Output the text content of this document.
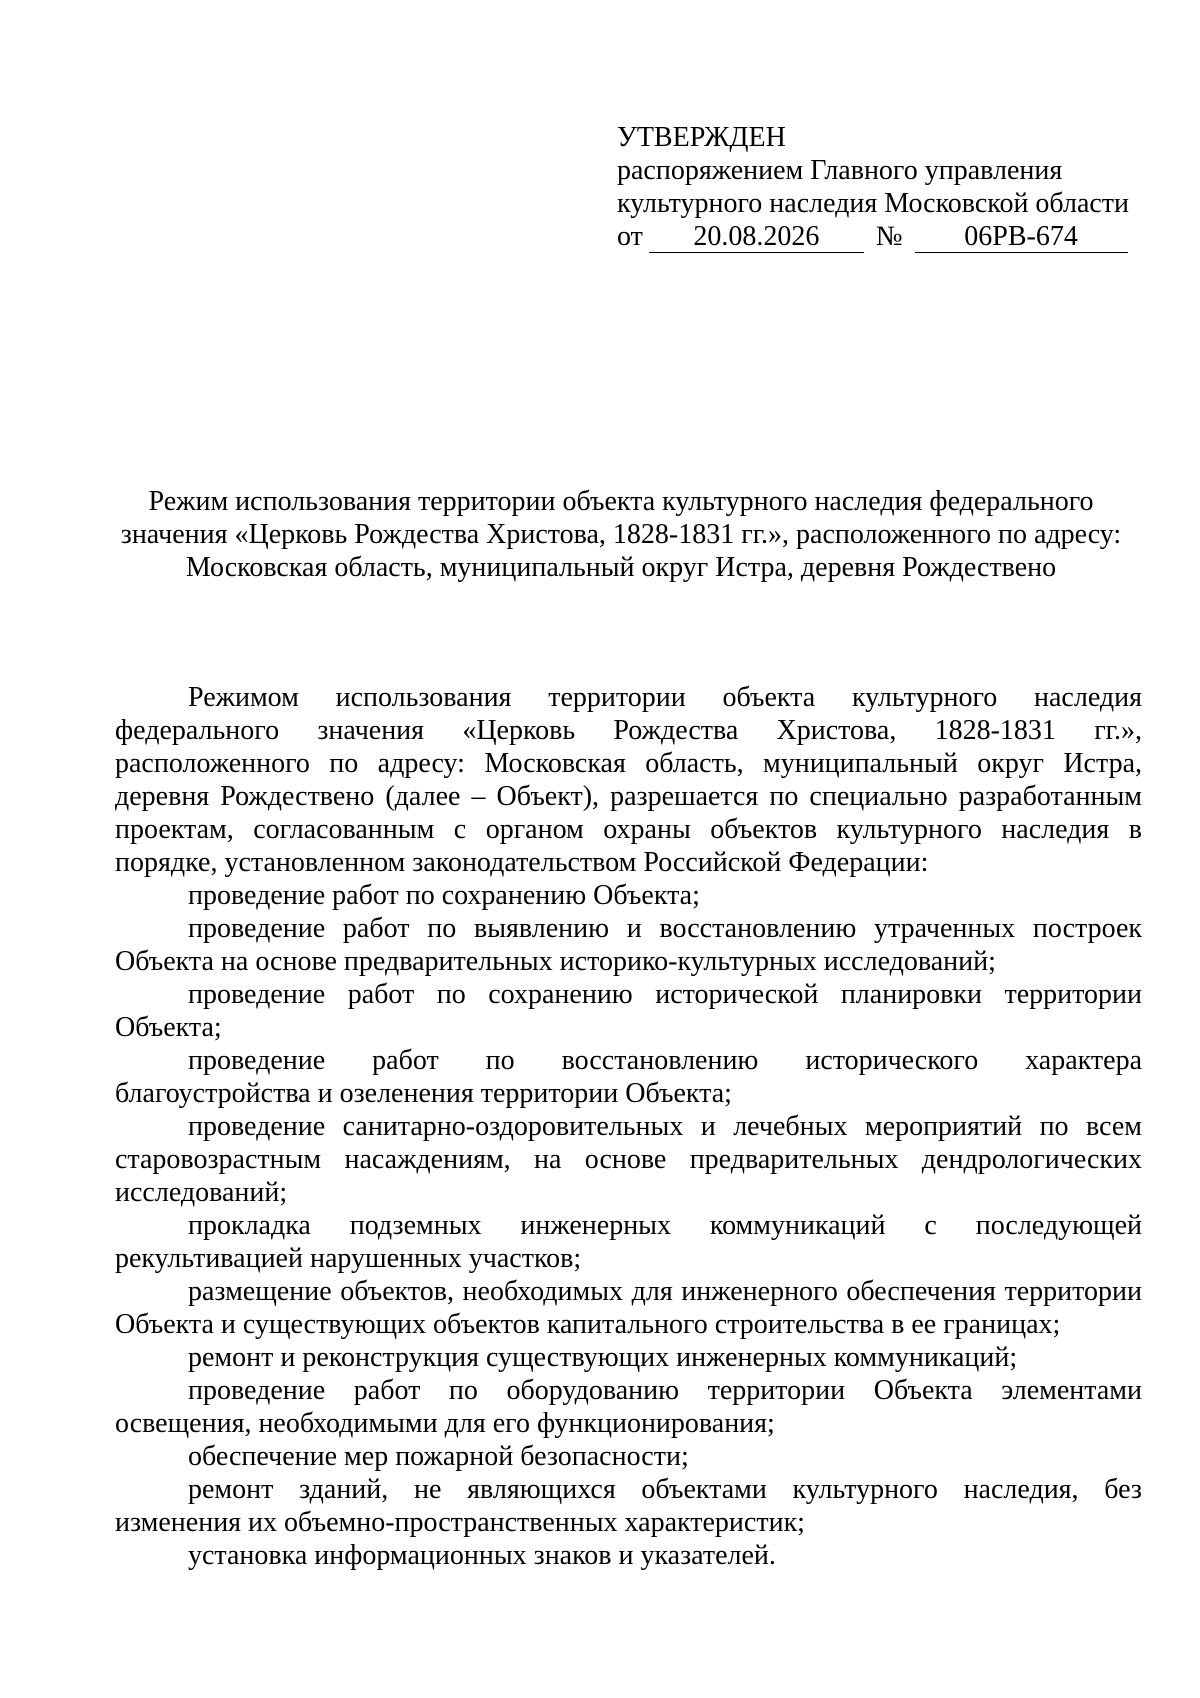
УТВЕРЖДЕН
распоряжением Главного управления
культурного наследия Московской области
от	20.08.2026	№	06РВ-674
Режим использования территории объекта культурного наследия федерального
значения «Церковь Рождества Христова, 1828-1831 гг.», расположенного по адресу:
Московская область, муниципальный округ Истра, деревня Рождествено

Режимом использования территории объекта культурного наследия федерального значения «Церковь Рождества Христова, 1828-1831 гг.», расположенного по адресу: Московская область, муниципальный округ Истра, деревня Рождествено (далее – Объект), разрешается по специально разработанным проектам, согласованным с органом охраны объектов культурного наследия в порядке, установленном законодательством Российской Федерации:

проведение работ по сохранению Объекта;

проведение работ по выявлению и восстановлению утраченных построек Объекта на основе предварительных историко-культурных исследований;

проведение работ по сохранению исторической планировки территории Объекта;

проведение работ по восстановлению исторического характера благоустройства и озеленения территории Объекта;

проведение санитарно-оздоровительных и лечебных мероприятий по всем старовозрастным насаждениям, на основе предварительных дендрологических исследований;

прокладка подземных инженерных коммуникаций с последующей рекультивацией нарушенных участков;

размещение объектов, необходимых для инженерного обеспечения территории Объекта и существующих объектов капитального строительства в ее границах;

ремонт и реконструкция существующих инженерных коммуникаций;

проведение работ по оборудованию территории Объекта элементами освещения, необходимыми для его функционирования;

обеспечение мер пожарной безопасности;

ремонт зданий, не являющихся объектами культурного наследия, без изменения их объемно-пространственных характеристик;

установка информационных знаков и указателей.
